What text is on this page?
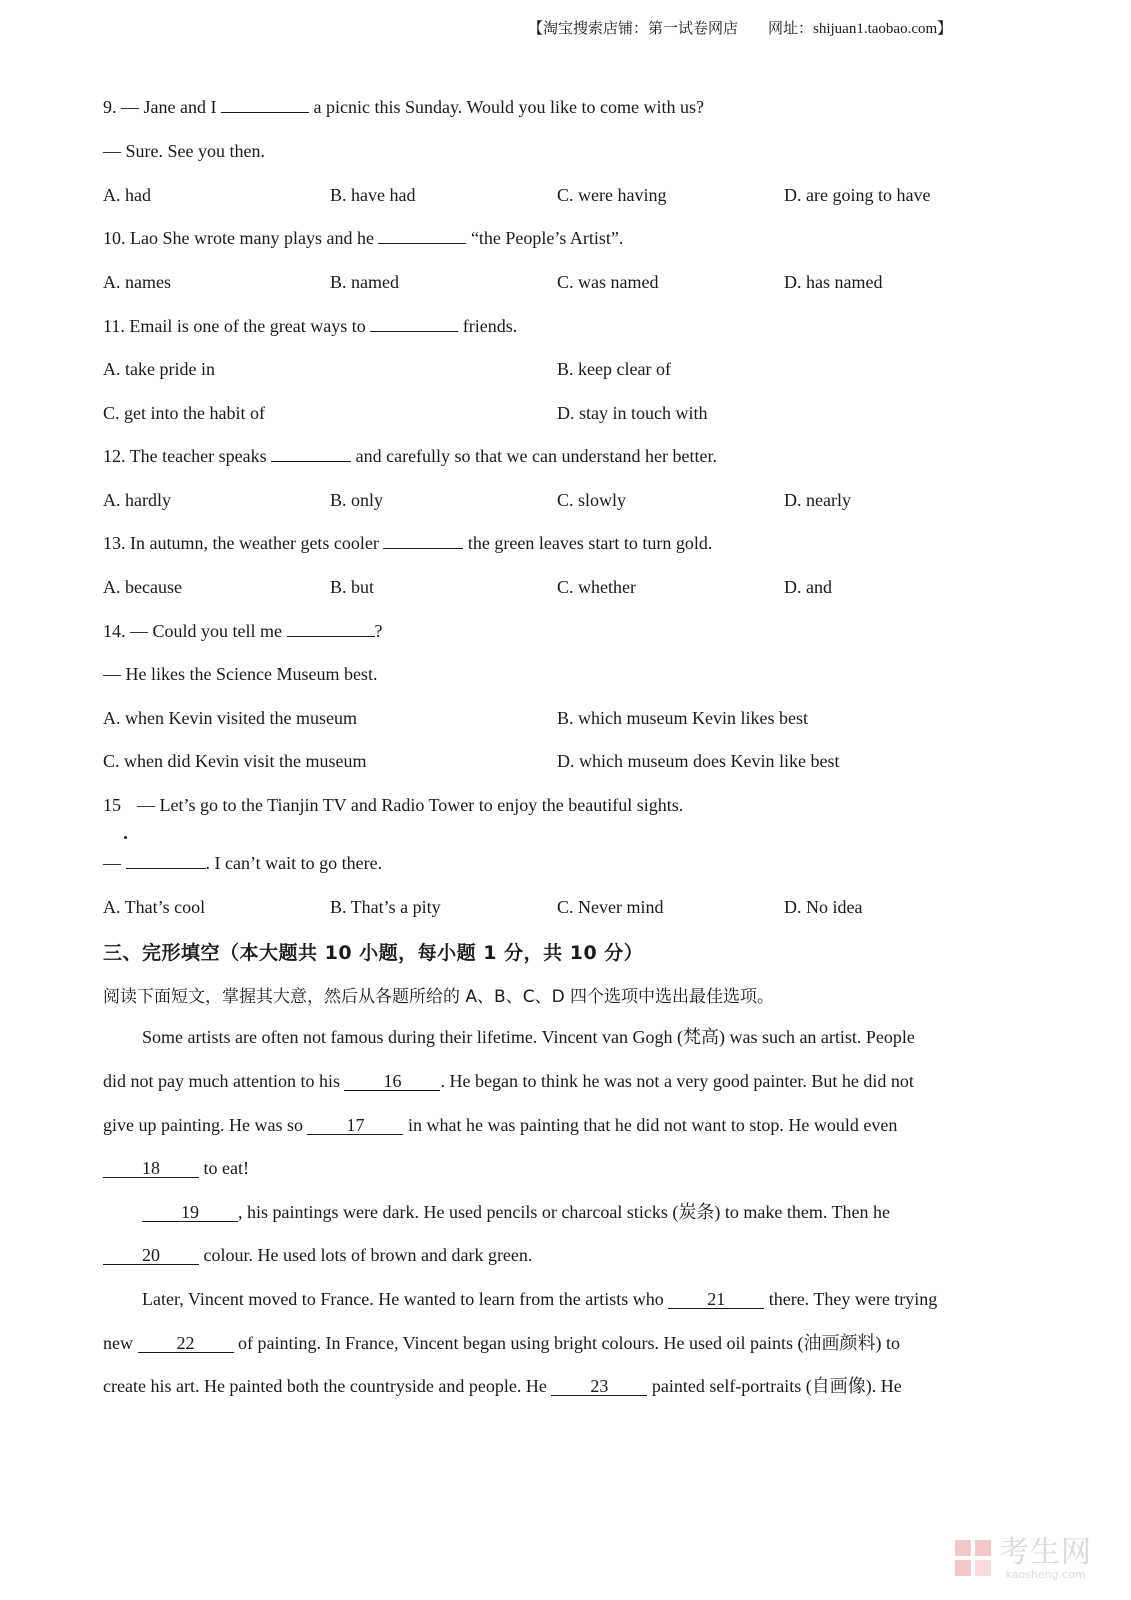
【淘宝搜索店铺：第一试卷网店　　网址：shijuan1.taobao.com】
9. — Jane and I	a picnic this Sunday. Would you like to come with us?
— Sure. See you then.
A. had	B. have had	C. were having	D. are going to have
10. Lao She wrote many plays and he	“the People’s Artist”.
A. names	B. named	C. was named	D. has named
11. Email is one of the great ways to	friends.
A. take pride in	B. keep clear of
C. get into the habit of	D. stay in touch with
12. The teacher speaks	and carefully so that we can understand her better.
A. hardly	B. only	C. slowly	D. nearly
13. In autumn, the weather gets cooler	the green leaves start to turn gold.
A. because	B. but	C. whether	D. and
14. — Could you tell me	?
— He likes the Science Museum best.
A. when Kevin visited the museum	B. which museum Kevin likes best
C. when did Kevin visit the museum	D. which museum does Kevin like best
15 — Let’s go to the Tianjin TV and Radio Tower to enjoy the beautiful sights.
—	. I can’t wait to go there.
A. That’s cool	B. That’s a pity	C. Never mind	D. No idea
三、完形填空（本大题共 10 小题，每小题 1 分，共 10 分）
阅读下面短文，掌握其大意，然后从各题所给的 A、B、C、D 四个选项中选出最佳选项。
Some artists are often not famous during their lifetime. Vincent van Gogh (梵高) was such an artist. People
did not pay much attention to his 16 . He began to think he was not a very good painter. But he did not
give up painting. He was so 17 in what he was painting that he did not want to stop. He would even
18 to eat!
19 , his paintings were dark. He used pencils or charcoal sticks (炭条) to make them. Then he
20 colour. He used lots of brown and dark green.
Later, Vincent moved to France. He wanted to learn from the artists who 21 there. They were trying
new 22 of painting. In France, Vincent began using bright colours. He used oil paints (油画颜料) to
create his art. He painted both the countryside and people. He 23 painted self-portraits (自画像). He
考生网
kaosheng.com
